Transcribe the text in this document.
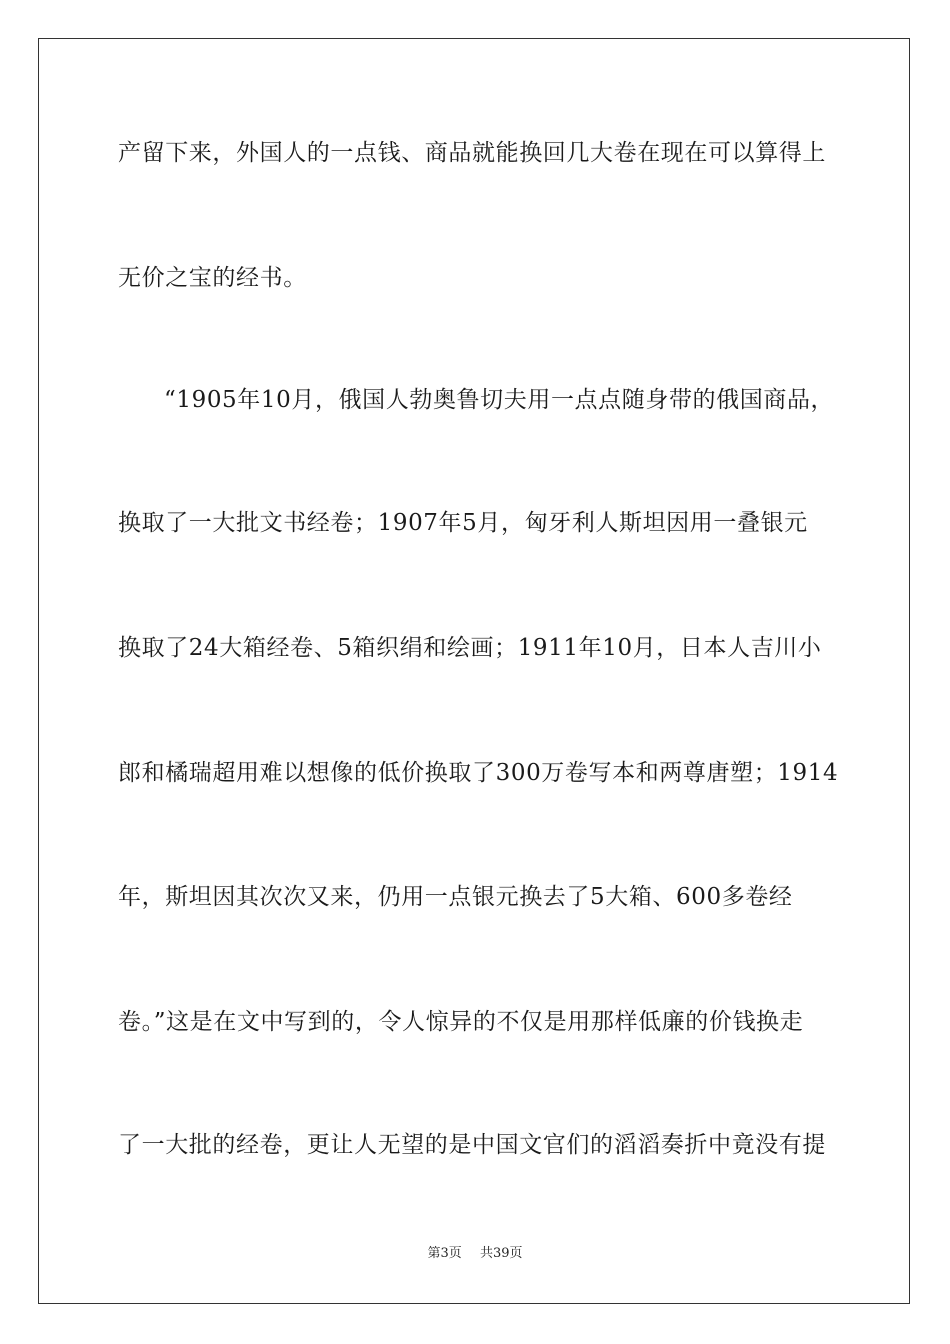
产留下来，外国人的一点钱、商品就能换回几大卷在现在可以算得上
无价之宝的经书。
“1905年10月，俄国人勃奥鲁切夫用一点点随身带的俄国商品，
换取了一大批文书经卷；1907年5月，匈牙利人斯坦因用一叠银元
换取了24大箱经卷、5箱织绢和绘画；1911年10月，日本人吉川小
郎和橘瑞超用难以想像的低价换取了300万卷写本和两尊唐塑；1914
年，斯坦因其次次又来，仍用一点银元换去了5大箱、600多卷经
卷。”这是在文中写到的，令人惊异的不仅是用那样低廉的价钱换走
了一大批的经卷，更让人无望的是中国文官们的滔滔奏折中竟没有提
第3页 共39页
